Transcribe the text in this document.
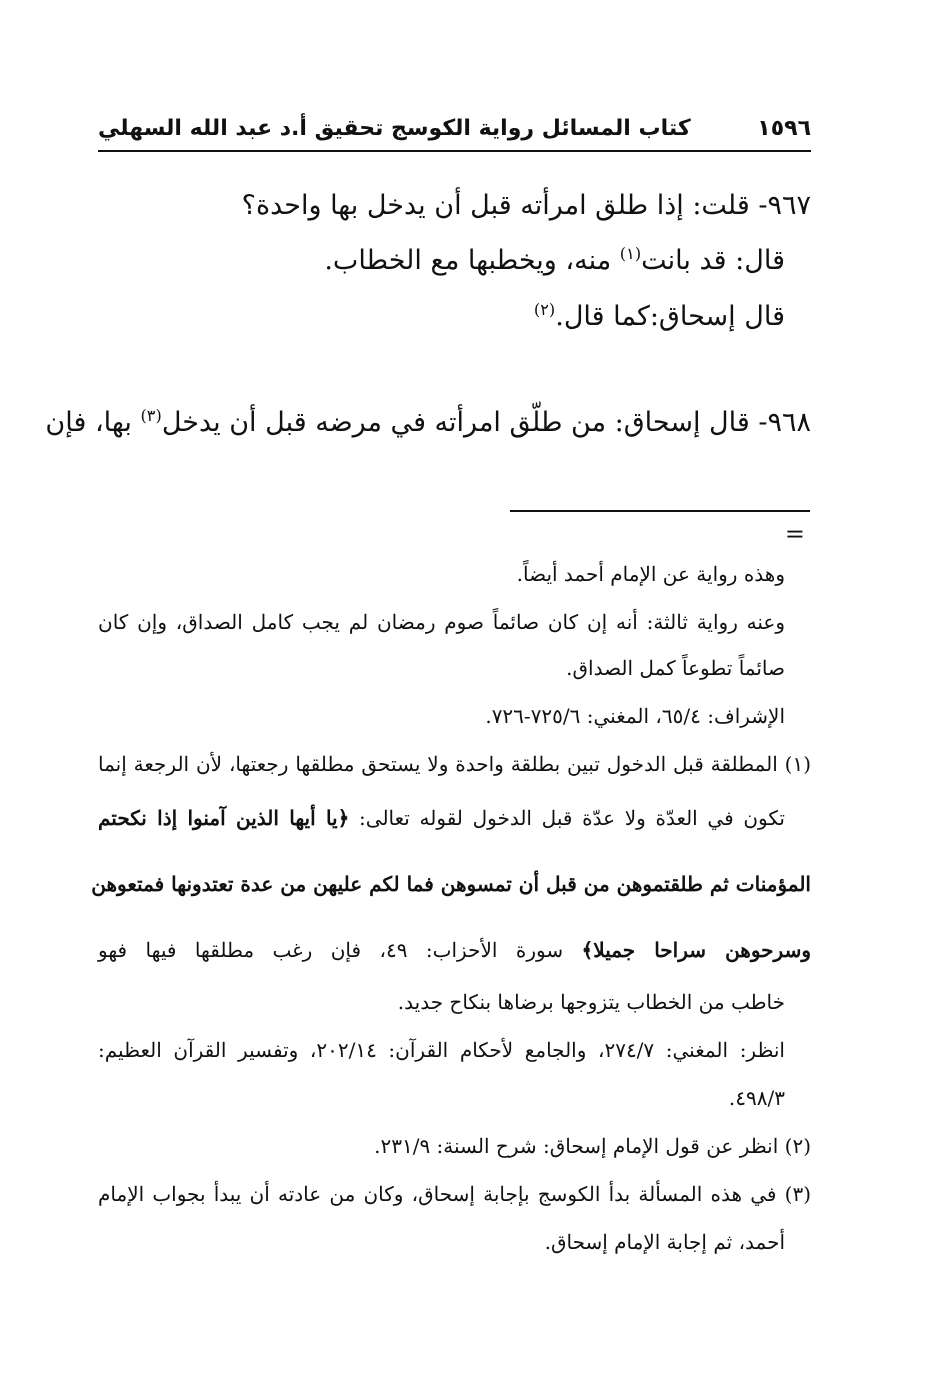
١٥٩٦
كتاب المسائل رواية الكوسج تحقيق أ.د عبد الله السهلي
٩٦٧- قلت: إذا طلق امرأته قبل أن يدخل بها واحدة؟
قال: قد بانت$^{(١)}$ منه، ويخطبها مع الخطاب.
قال إسحاق:كما قال.$^{(٢)}$
٩٦٨- قال إسحاق: من طلّق امرأته في مرضه قبل أن يدخل$^{(٣)}$ بها، فإن
=
وهذه رواية عن الإمام أحمد أيضاً.
وعنه رواية ثالثة: أنه إن كان صائماً صوم رمضان لم يجب كامل الصداق، وإن كان
صائماً تطوعاً كمل الصداق.
الإشراف: ٦٥/٤، المغني: ٧٢٥/٦-٧٢٦.
(١) المطلقة قبل الدخول تبين بطلقة واحدة ولا يستحق مطلقها رجعتها، لأن الرجعة إنما
تكون في العدّة ولا عدّة قبل الدخول لقوله تعالى: ﴿يا أيها الذين آمنوا إذا نكحتم
المؤمنات ثم طلقتموهن من قبل أن تمسوهن فما لكم عليهن من عدة تعتدونها فمتعوهن
وسرحوهن سراحا جميلا﴾ سورة الأحزاب: ٤٩، فإن رغب مطلقها فيها فهو
خاطب من الخطاب يتزوجها برضاها بنكاح جديد.
انظر: المغني: ٢٧٤/٧، والجامع لأحكام القرآن: ٢٠٢/١٤، وتفسير القرآن العظيم:
٤٩٨/٣.
(٢) انظر عن قول الإمام إسحاق: شرح السنة: ٢٣١/٩.
(٣) في هذه المسألة بدأ الكوسج بإجابة إسحاق، وكان من عادته أن يبدأ بجواب الإمام
أحمد، ثم إجابة الإمام إسحاق.
